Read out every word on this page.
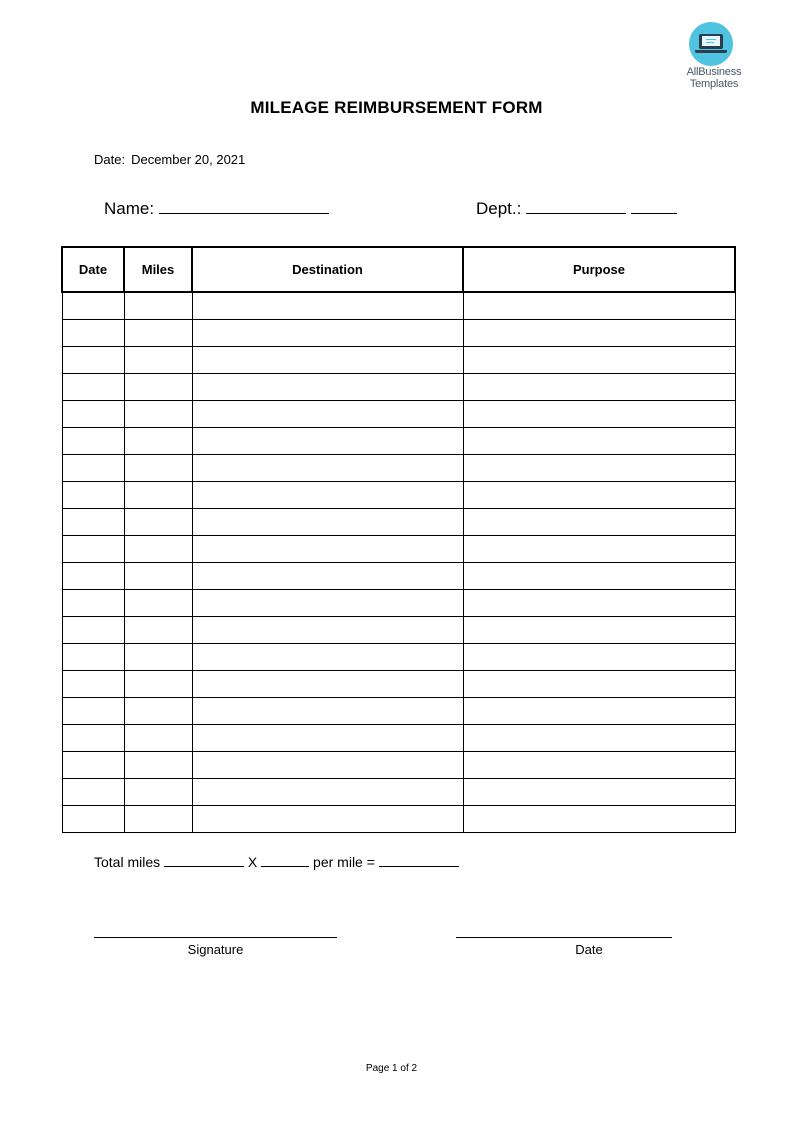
AllBusiness
Templates
MILEAGE REIMBURSEMENT FORM
Date: December 20, 2021
Name:	Dept.:
Date	Miles	Destination	Purpose

Total miles	X	per mile =
Signature	Date
Page 1 of 2
